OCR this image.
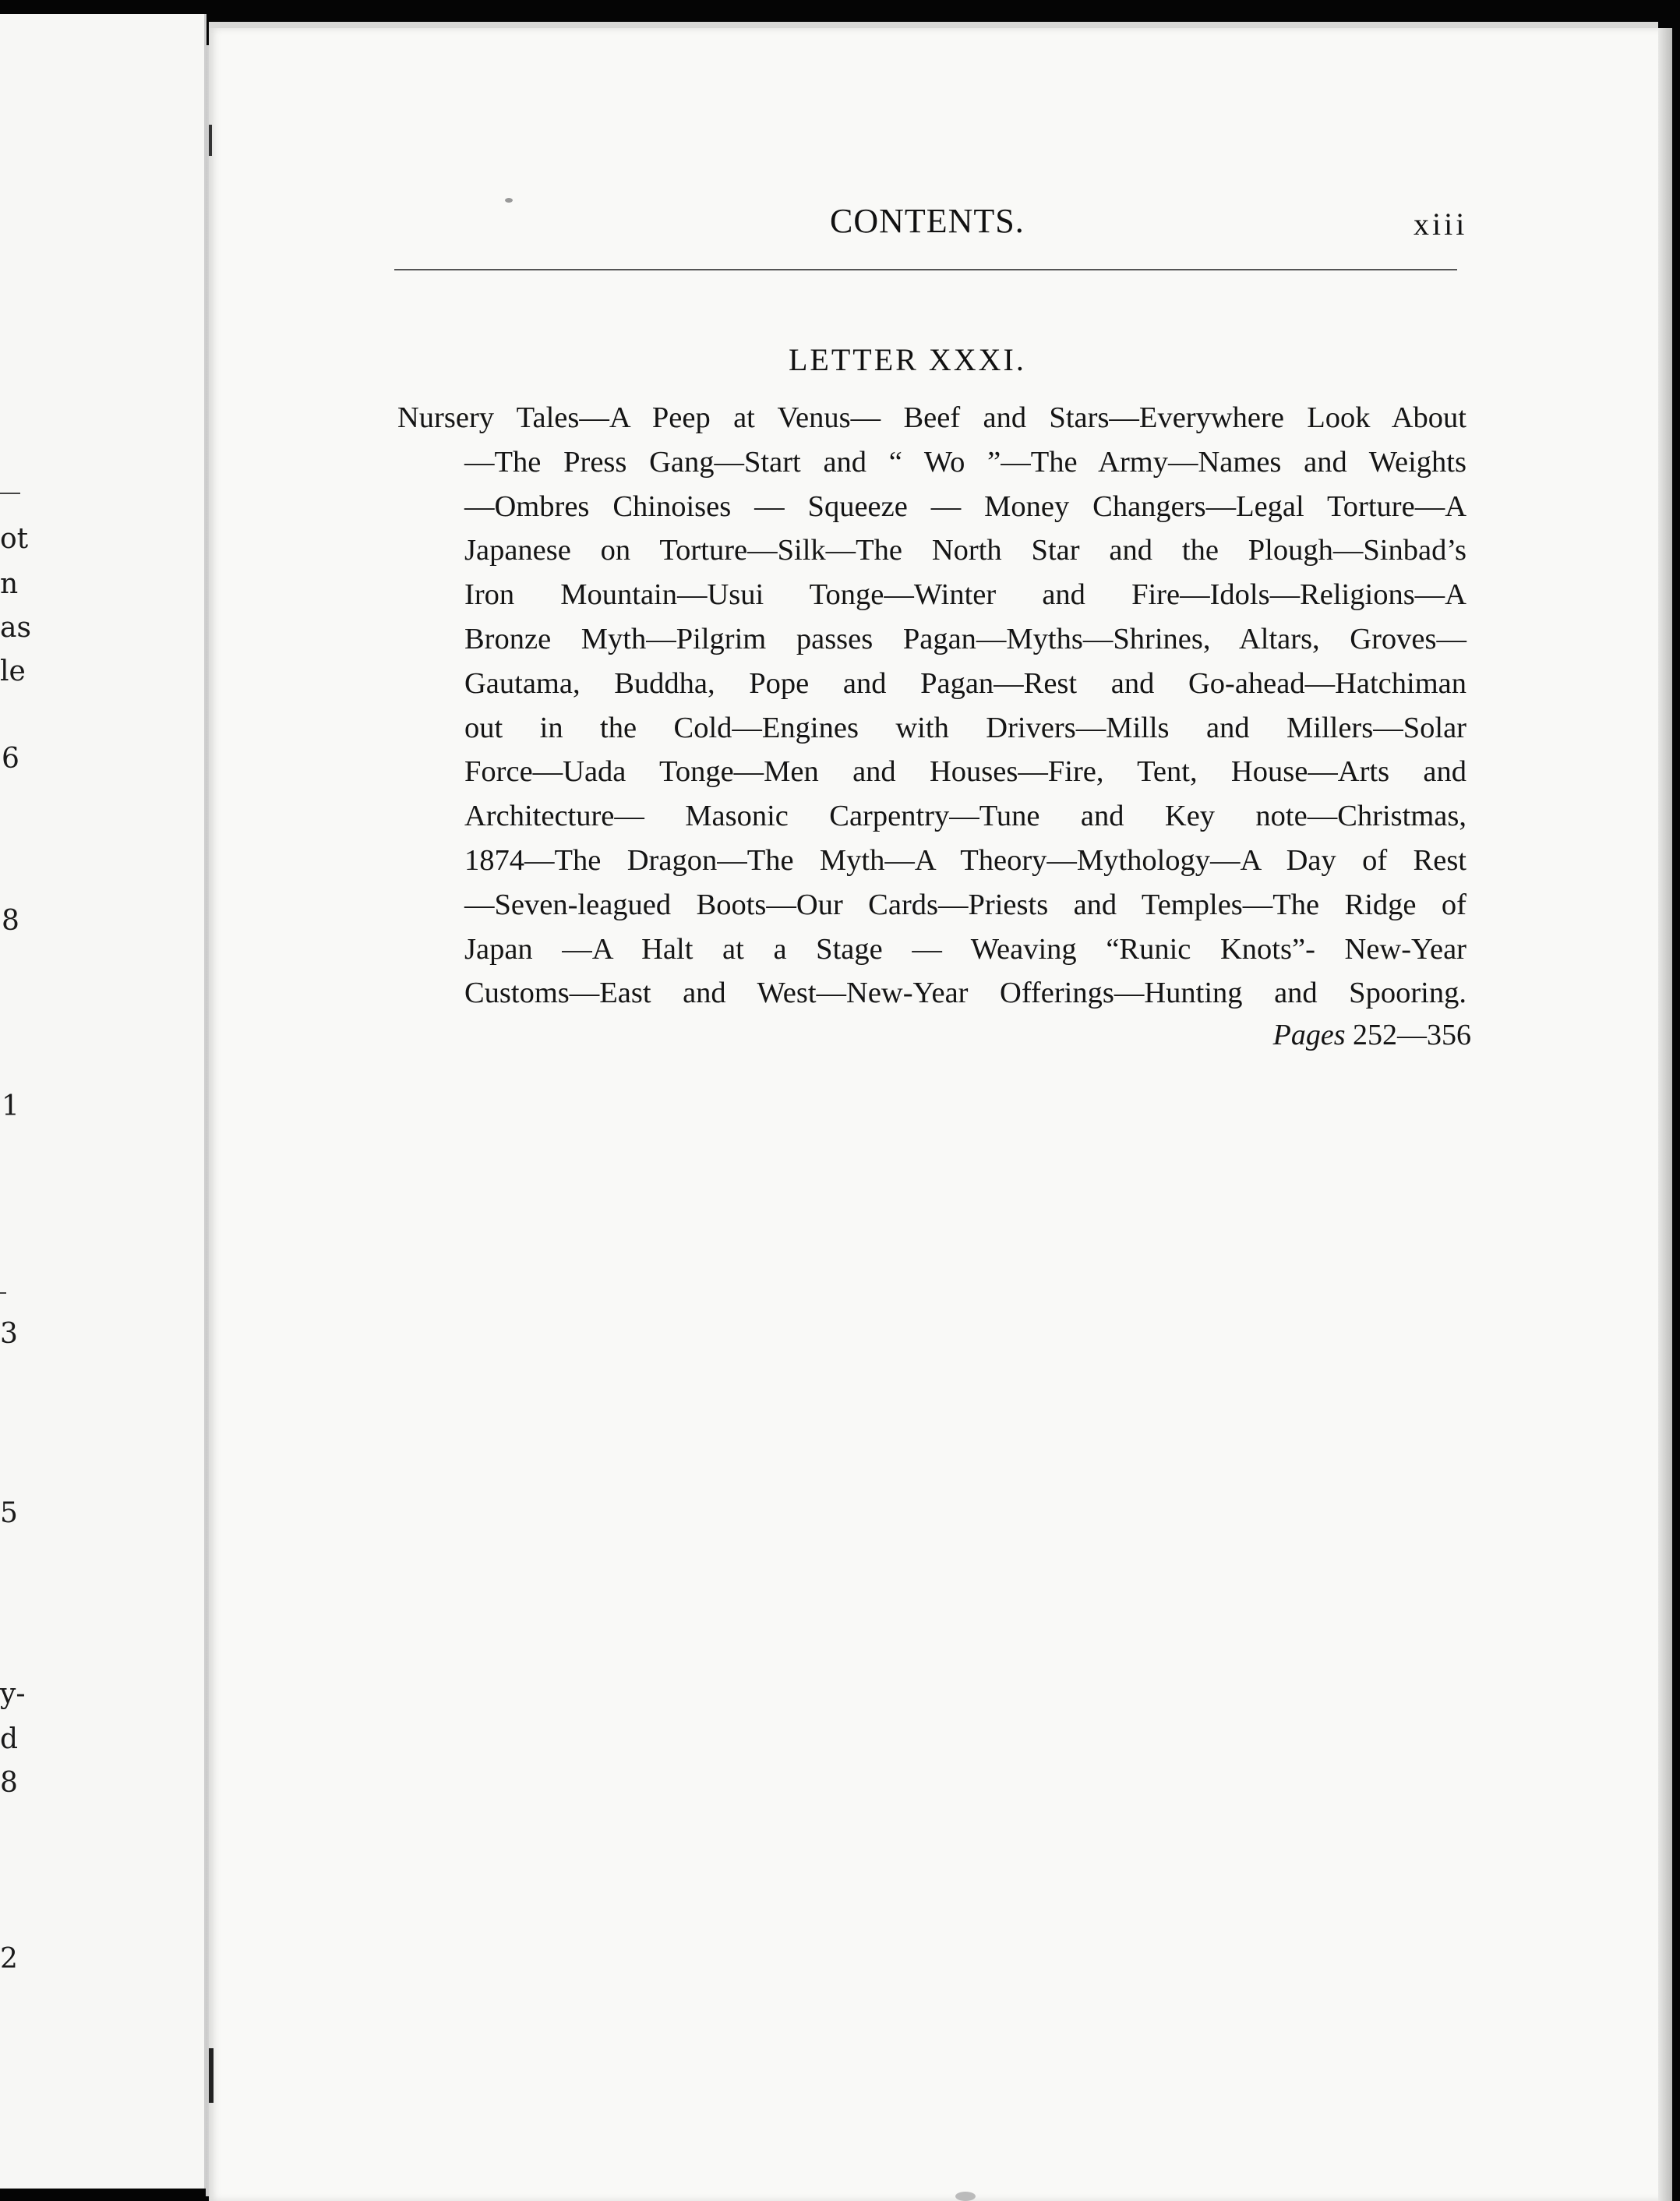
ot
n
as
le
6
8
1
3
5
y-
d
8
2
CONTENTS.	xiii
LETTER XXXI.

Nursery Tales—A Peep at Venus— Beef and Stars—Everywhere Look About
—The Press Gang—Start and “ Wo ”—The Army—Names and Weights
—Ombres Chinoises — Squeeze — Money Changers—Legal Torture—A
Japanese on Torture—Silk—The North Star and the Plough—Sinbad’s
Iron Mountain—Usui Tonge—Winter and Fire—Idols—Religions—A
Bronze Myth—Pilgrim passes Pagan—Myths—Shrines, Altars, Groves—
Gautama, Buddha, Pope and Pagan—Rest and Go-ahead—Hatchiman
out in the Cold—Engines with Drivers—Mills and Millers—Solar
Force—Uada Tonge—Men and Houses—Fire, Tent, House—Arts and
Architecture— Masonic Carpentry—Tune and Key note—Christmas,
1874—The Dragon—The Myth—A Theory—Mythology—A Day of Rest
—Seven-leagued Boots—Our Cards—Priests and Temples—The Ridge of
Japan —A Halt at a Stage — Weaving “Runic Knots”- New-Year
Customs—East and West—New-Year Offerings—Hunting and Spooring.

Pages 252—356
